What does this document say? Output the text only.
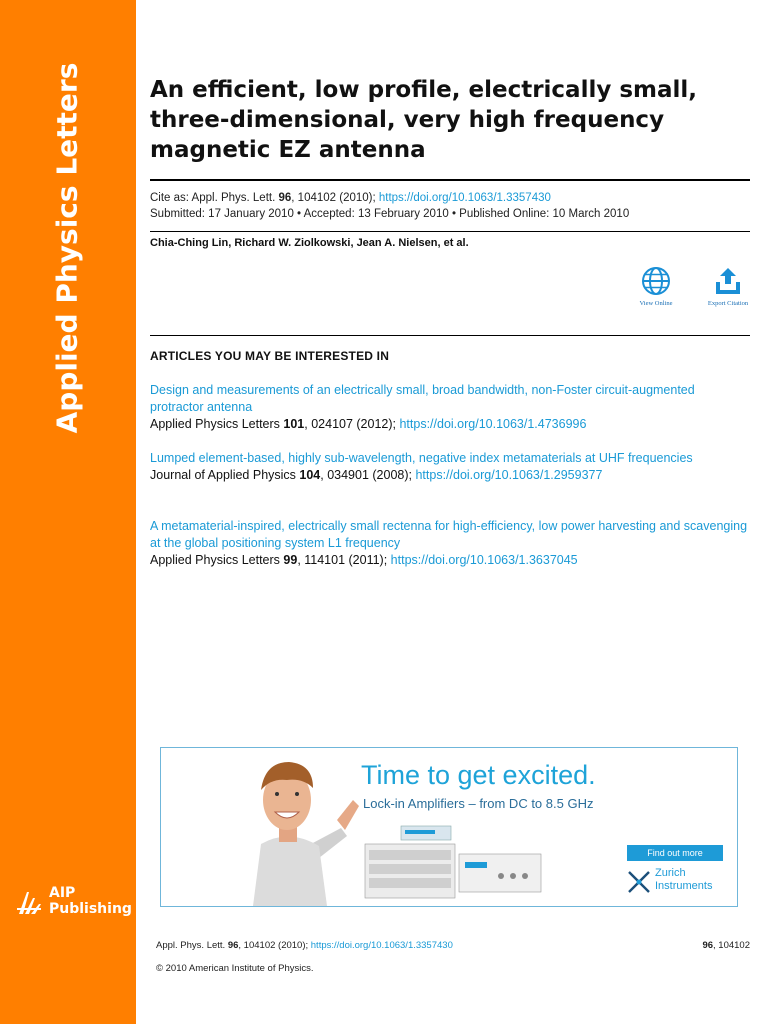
Applied Physics Letters
AIP
Publishing
An efficient, low profile, electrically small, three-dimensional, very high frequency magnetic EZ antenna
Cite as: Appl. Phys. Lett. 96, 104102 (2010); https://doi.org/10.1063/1.3357430
Submitted: 17 January 2010 • Accepted: 13 February 2010 • Published Online: 10 March 2010
Chia-Ching Lin, Richard W. Ziolkowski, Jean A. Nielsen, et al.
View Online	Export Citation
ARTICLES YOU MAY BE INTERESTED IN
Design and measurements of an electrically small, broad bandwidth, non-Foster circuit-augmented protractor antenna
Applied Physics Letters 101, 024107 (2012); https://doi.org/10.1063/1.4736996
Lumped element-based, highly sub-wavelength, negative index metamaterials at UHF frequencies
Journal of Applied Physics 104, 034901 (2008); https://doi.org/10.1063/1.2959377
A metamaterial-inspired, electrically small rectenna for high-efficiency, low power harvesting and scavenging at the global positioning system L1 frequency
Applied Physics Letters 99, 114101 (2011); https://doi.org/10.1063/1.3637045
Time to get excited.
Lock-in Amplifiers – from DC to 8.5 GHz
Find out more
Zurich
Instruments
Appl. Phys. Lett. 96, 104102 (2010); https://doi.org/10.1063/1.3357430	96, 104102
© 2010 American Institute of Physics.
